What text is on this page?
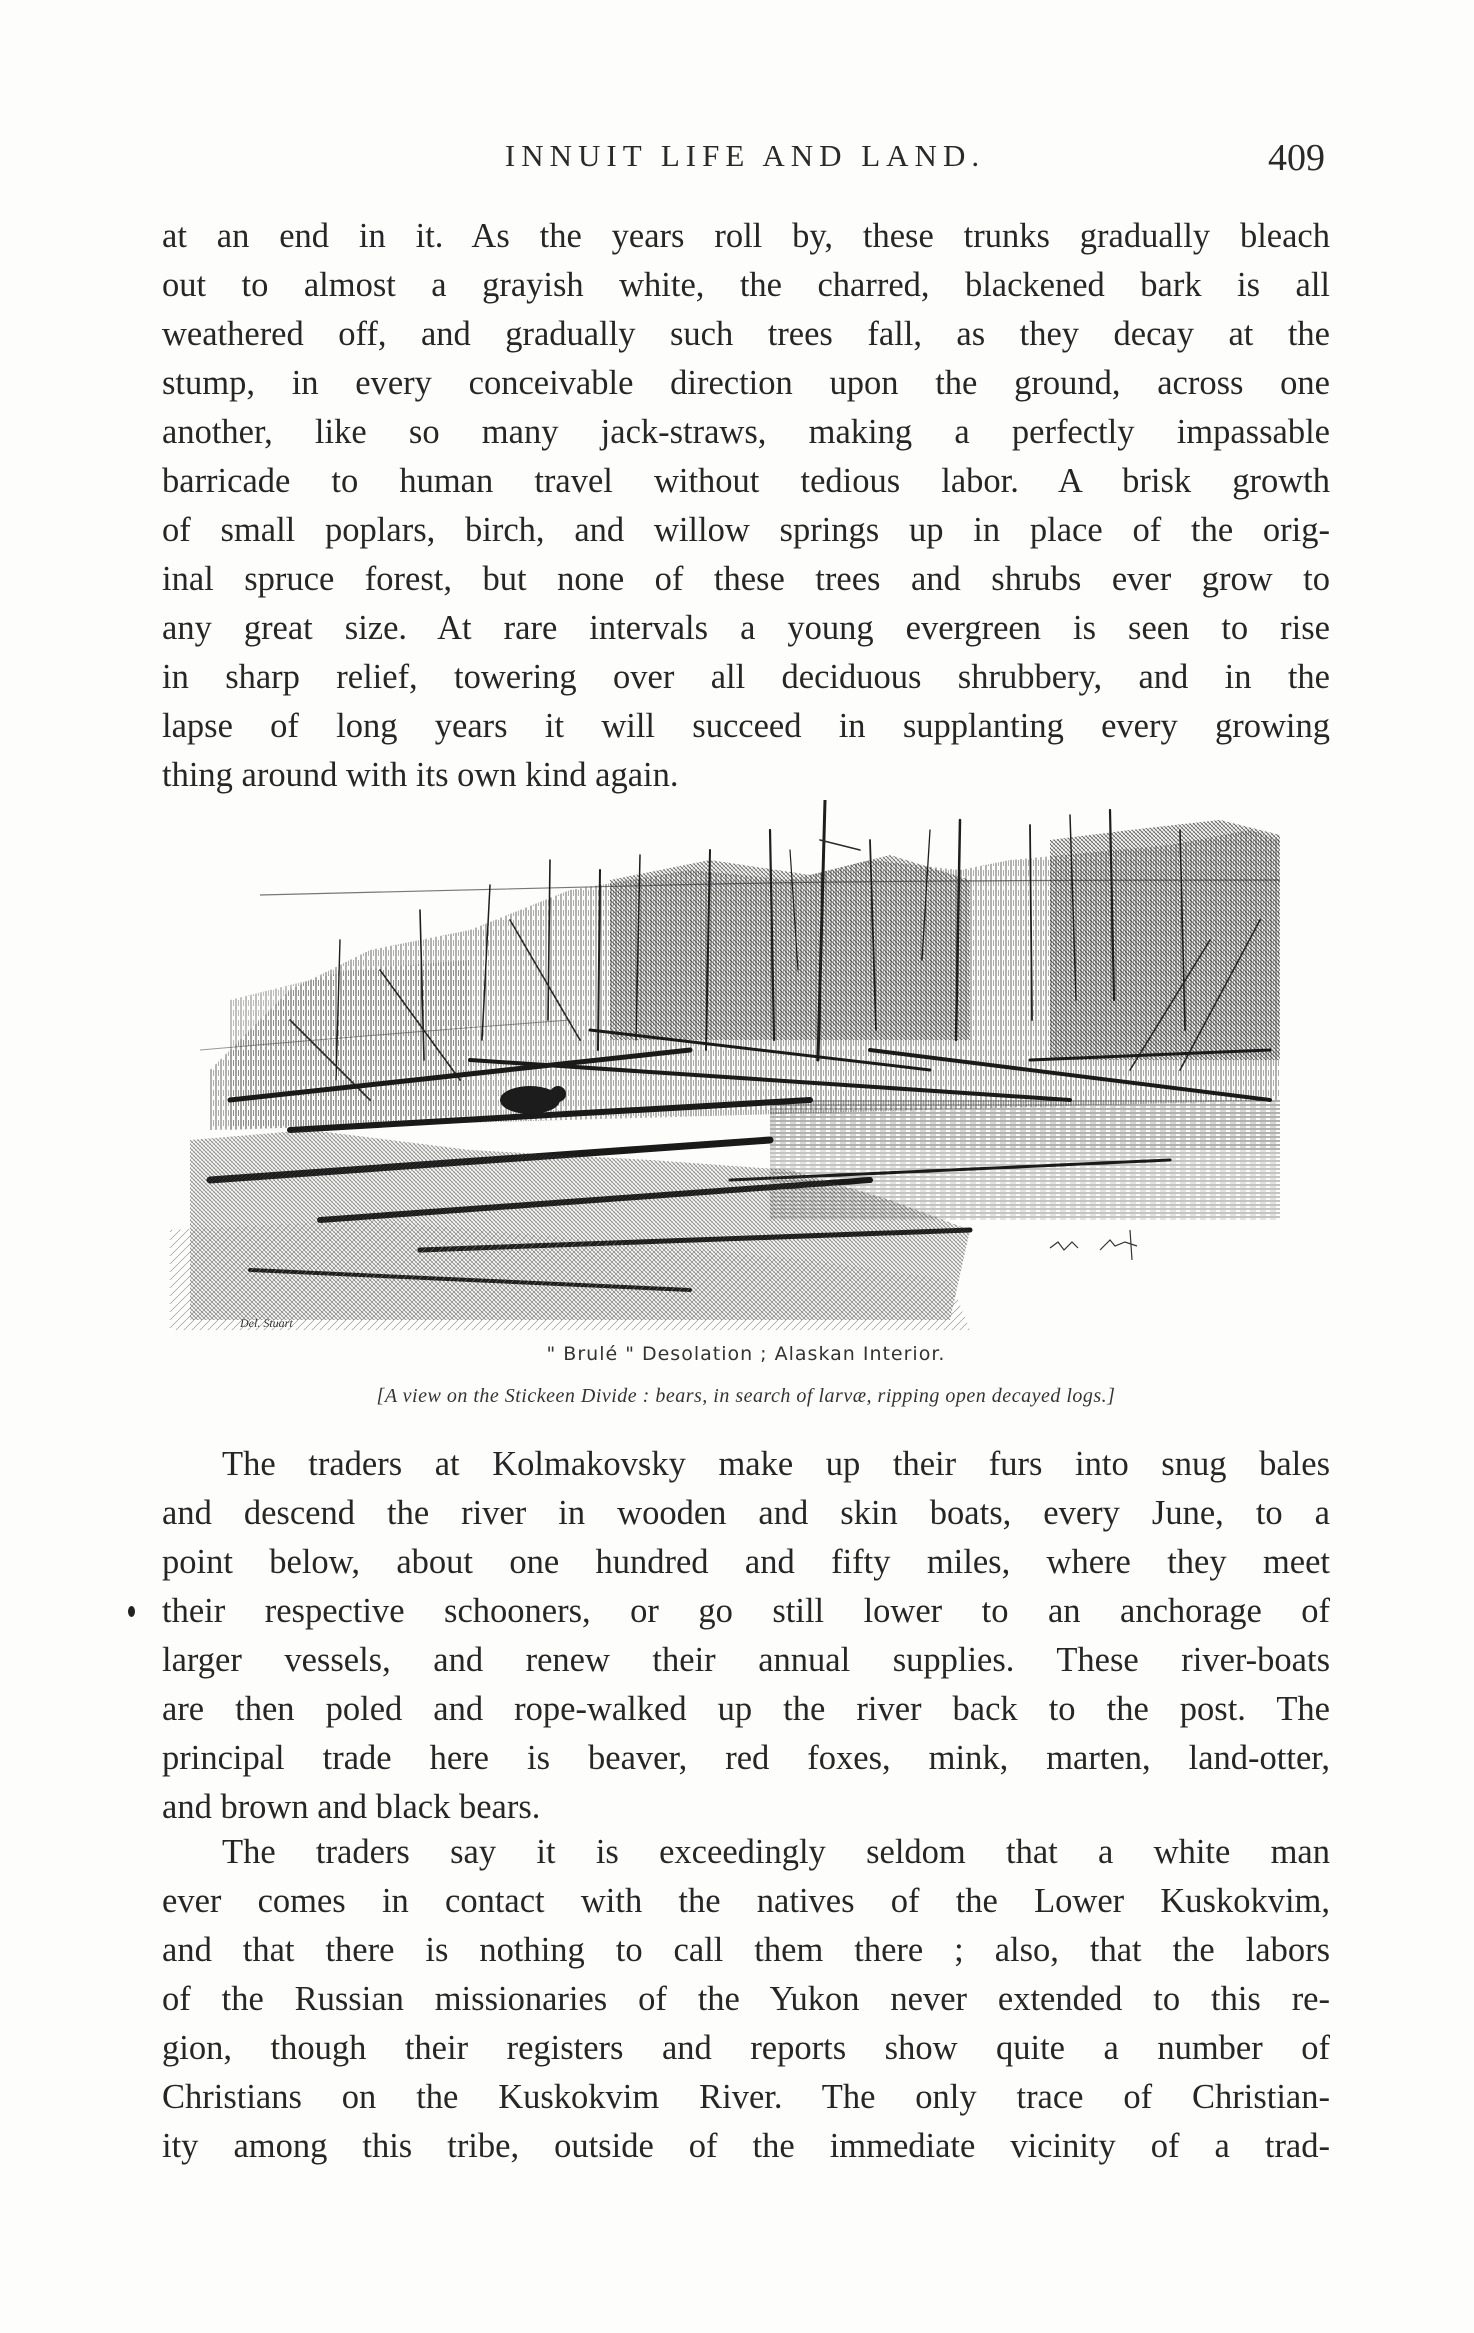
INNUIT LIFE AND LAND.	409
at an end in it. As the years roll by, these trunks gradually bleach
out to almost a grayish white, the charred, blackened bark is all
weathered off, and gradually such trees fall, as they decay at the
stump, in every conceivable direction upon the ground, across one
another, like so many jack-straws, making a perfectly impassable
barricade to human travel without tedious labor. A brisk growth
of small poplars, birch, and willow springs up in place of the orig-
inal spruce forest, but none of these trees and shrubs ever grow to
any great size. At rare intervals a young evergreen is seen to rise
in sharp relief, towering over all deciduous shrubbery, and in the
lapse of long years it will succeed in supplanting every growing
thing around with its own kind again.
Del. Stuart
" Brulé " Desolation ; Alaskan Interior.
[A view on the Stickeen Divide : bears, in search of larvæ, ripping open decayed logs.]
The traders at Kolmakovsky make up their furs into snug bales
and descend the river in wooden and skin boats, every June, to a
point below, about one hundred and fifty miles, where they meet
their respective schooners, or go still lower to an anchorage of
larger vessels, and renew their annual supplies. These river-boats
are then poled and rope-walked up the river back to the post. The
principal trade here is beaver, red foxes, mink, marten, land-otter,
and brown and black bears.
The traders say it is exceedingly seldom that a white man
ever comes in contact with the natives of the Lower Kuskokvim,
and that there is nothing to call them there ; also, that the labors
of the Russian missionaries of the Yukon never extended to this re-
gion, though their registers and reports show quite a number of
Christians on the Kuskokvim River. The only trace of Christian-
ity among this tribe, outside of the immediate vicinity of a trad-
